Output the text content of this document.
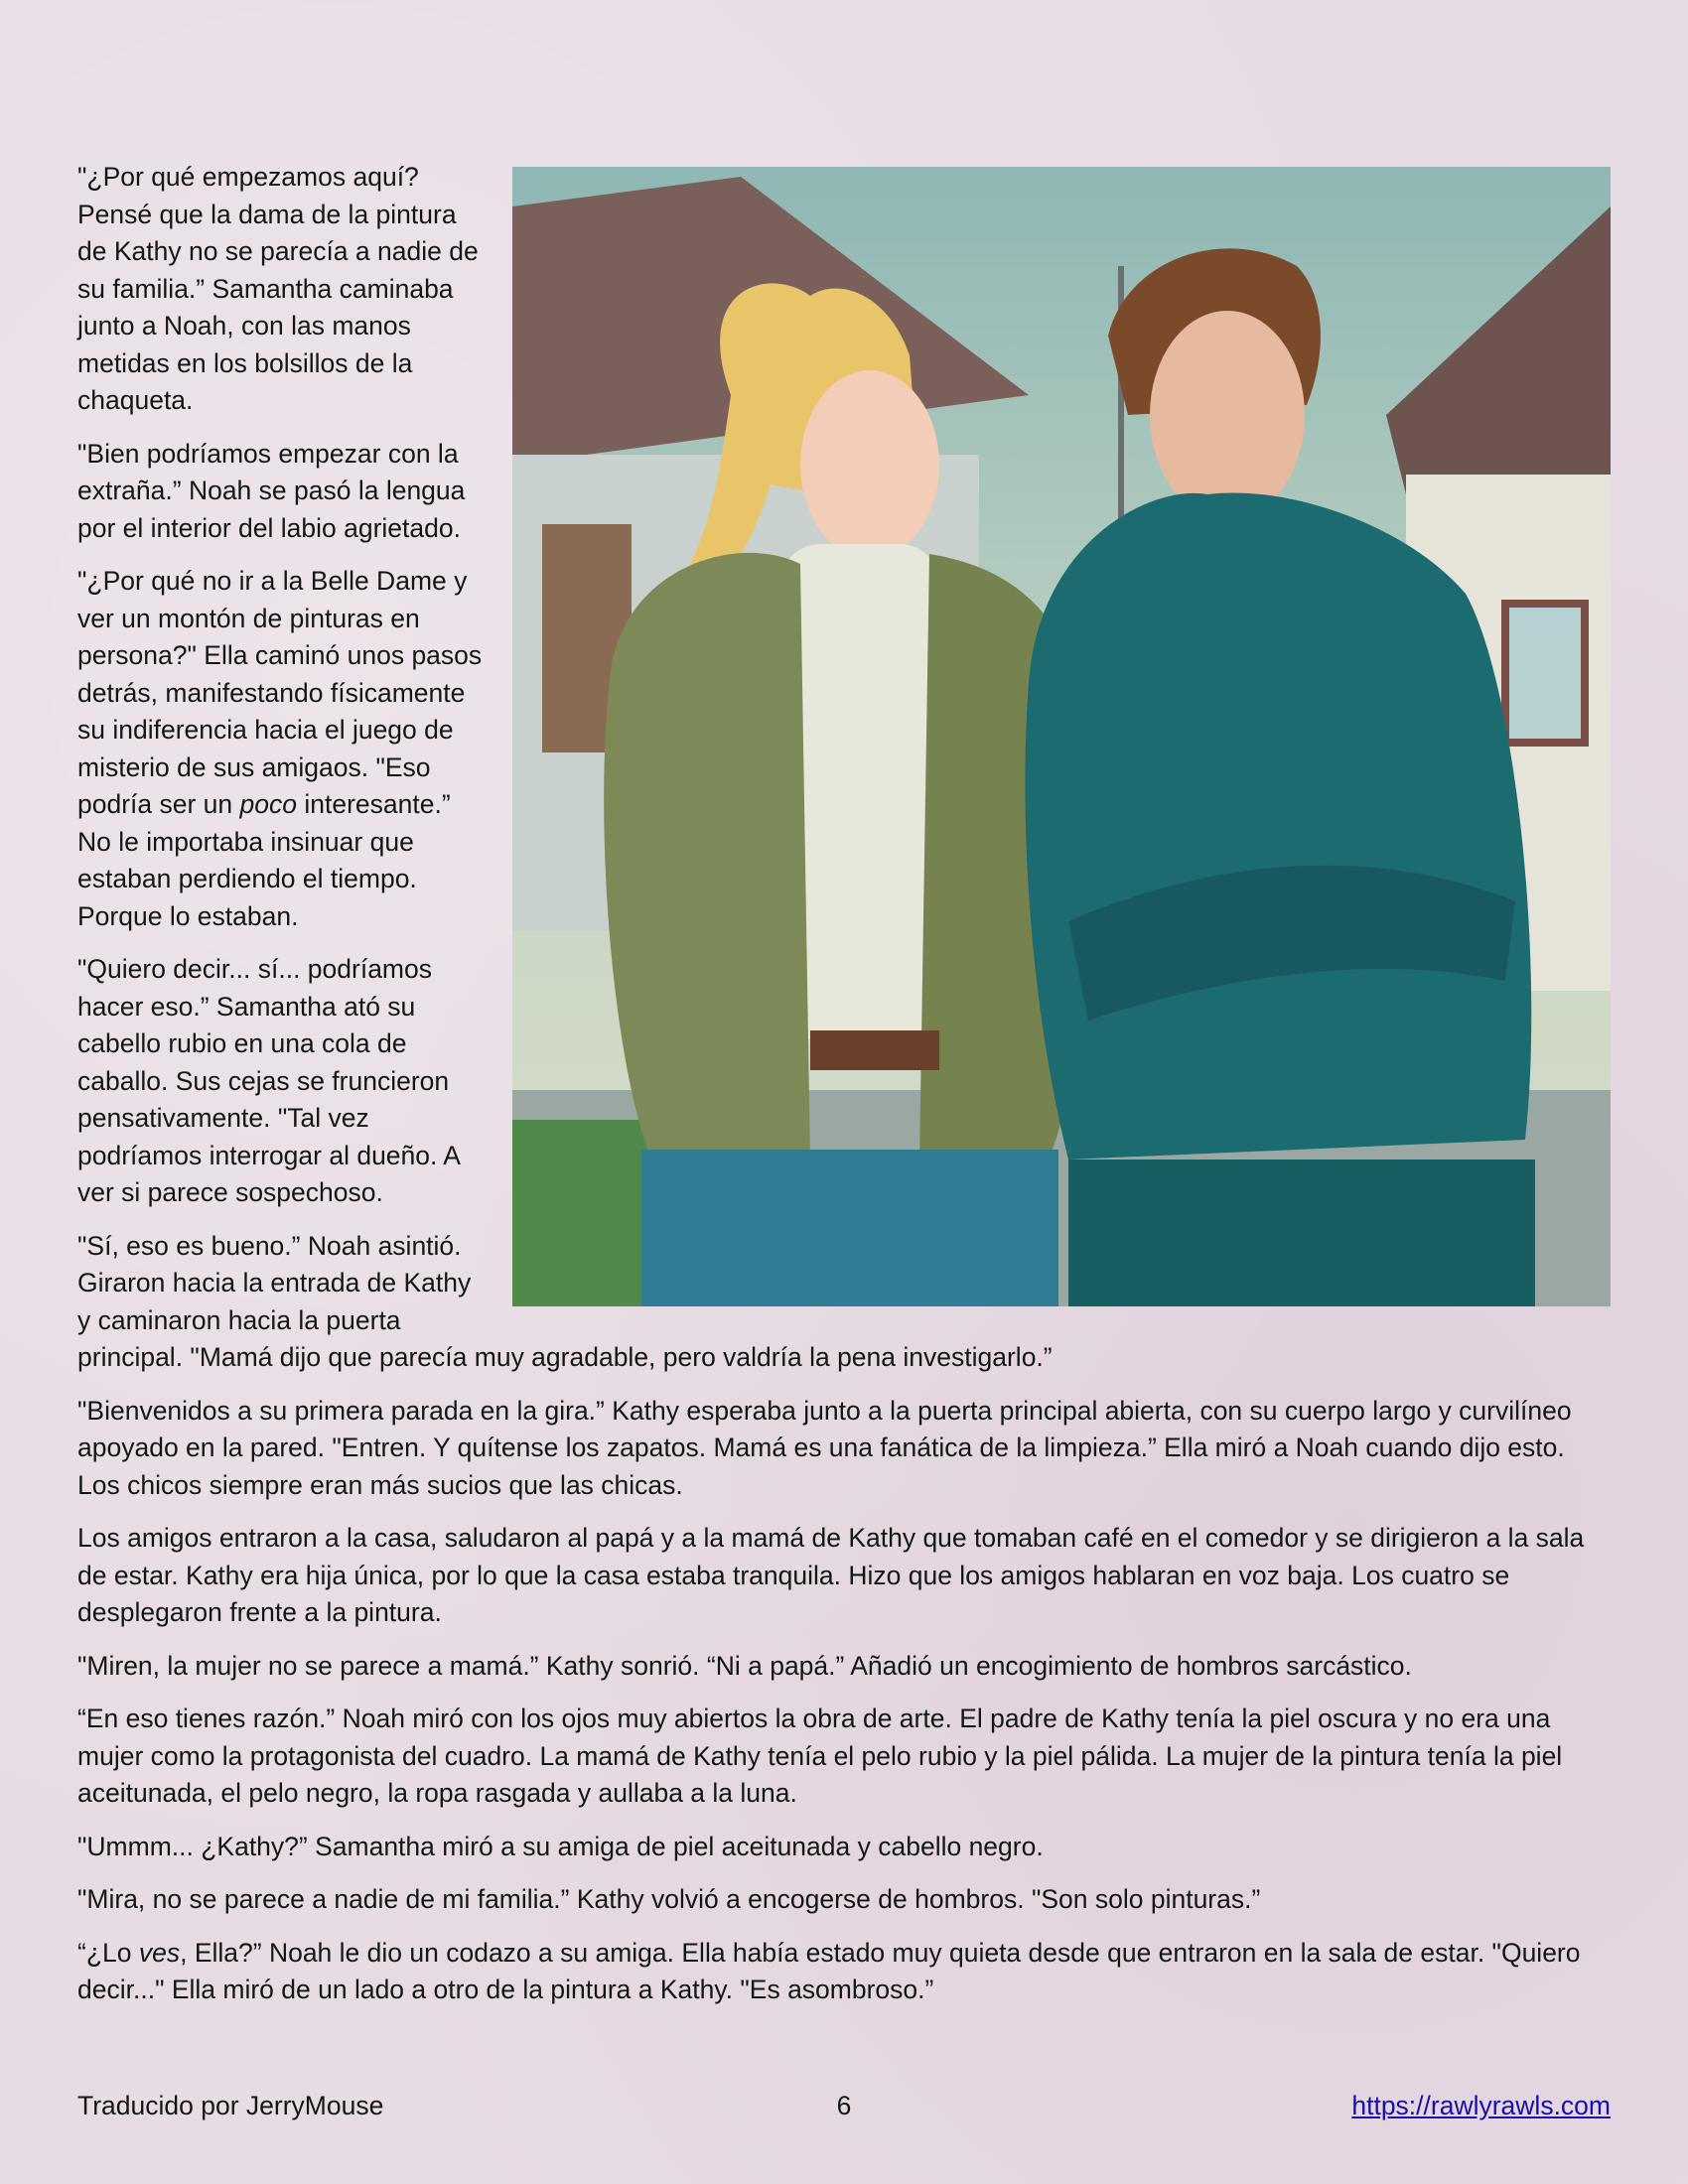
"¿Por qué empezamos aquí? Pensé que la dama de la pintura de Kathy no se parecía a nadie de su familia.” Samantha caminaba junto a Noah, con las manos metidas en los bolsillos de la chaqueta.

"Bien podríamos empezar con la extraña.” Noah se pasó la lengua por el interior del labio agrietado.

"¿Por qué no ir a la Belle Dame y ver un montón de pinturas en persona?" Ella caminó unos pasos detrás, manifestando físicamente su indiferencia hacia el juego de misterio de sus amigaos. "Eso podría ser un poco interesante.” No le importaba insinuar que estaban perdiendo el tiempo. Porque lo estaban.

"Quiero decir... sí... podríamos hacer eso.” Samantha ató su cabello rubio en una cola de caballo. Sus cejas se fruncieron pensativamente. "Tal vez podríamos interrogar al dueño. A ver si parece sospechoso.

"Sí, eso es bueno.” Noah asintió. Giraron hacia la entrada de Kathy y caminaron hacia la puerta principal. "Mamá dijo que parecía muy agradable, pero valdría la pena investigarlo.”

"Bienvenidos a su primera parada en la gira.” Kathy esperaba junto a la puerta principal abierta, con su cuerpo largo y curvilíneo apoyado en la pared. "Entren. Y quítense los zapatos. Mamá es una fanática de la limpieza.” Ella miró a Noah cuando dijo esto. Los chicos siempre eran más sucios que las chicas.

Los amigos entraron a la casa, saludaron al papá y a la mamá de Kathy que tomaban café en el comedor y se dirigieron a la sala de estar. Kathy era hija única, por lo que la casa estaba tranquila. Hizo que los amigos hablaran en voz baja. Los cuatro se desplegaron frente a la pintura.

"Miren, la mujer no se parece a mamá.” Kathy sonrió. “Ni a papá.” Añadió un encogimiento de hombros sarcástico.

“En eso tienes razón.” Noah miró con los ojos muy abiertos la obra de arte. El padre de Kathy tenía la piel oscura y no era una mujer como la protagonista del cuadro. La mamá de Kathy tenía el pelo rubio y la piel pálida. La mujer de la pintura tenía la piel aceitunada, el pelo negro, la ropa rasgada y aullaba a la luna.

"Ummm... ¿Kathy?” Samantha miró a su amiga de piel aceitunada y cabello negro.

"Mira, no se parece a nadie de mi familia.” Kathy volvió a encogerse de hombros. "Son solo pinturas.”

“¿Lo ves, Ella?” Noah le dio un codazo a su amiga. Ella había estado muy quieta desde que entraron en la sala de estar. "Quiero decir..." Ella miró de un lado a otro de la pintura a Kathy. "Es asombroso.”

Traducido por JerryMouse	6	https://rawlyrawls.com
